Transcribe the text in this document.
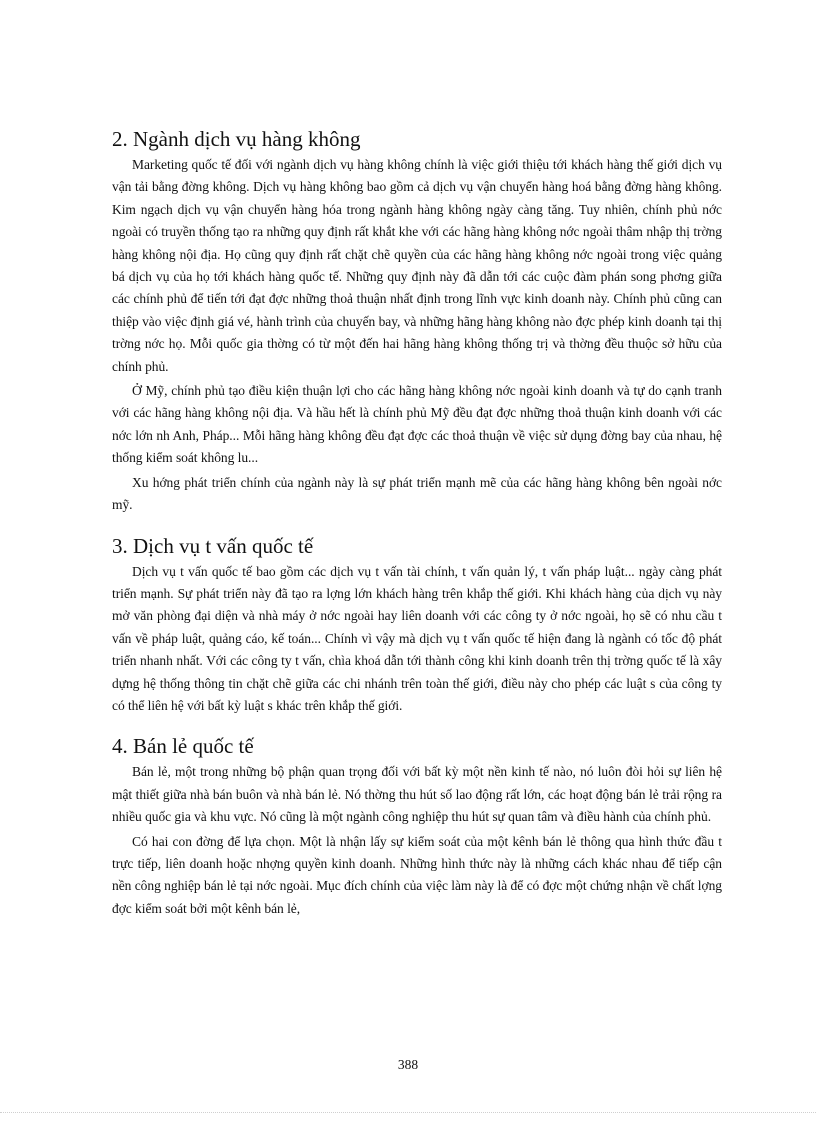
2. Ngành dịch vụ hàng không

Marketing quốc tế đối với ngành dịch vụ hàng không chính là việc giới thiệu tới khách hàng thế giới dịch vụ vận tải bằng đờng không. Dịch vụ hàng không bao gồm cả dịch vụ vận chuyển hàng hoá bằng đờng hàng không. Kim ngạch dịch vụ vận chuyển hàng hóa trong ngành hàng không ngày càng tăng. Tuy nhiên, chính phủ nớc ngoài có truyền thống tạo ra những quy định rất khắt khe với các hãng hàng không nớc ngoài thâm nhập thị trờng hàng không nội địa. Họ cũng quy định rất chặt chẽ quyền của các hãng hàng không nớc ngoài trong việc quảng bá dịch vụ của họ tới khách hàng quốc tế. Những quy định này đã dẫn tới các cuộc đàm phán song phơng giữa các chính phủ để tiến tới đạt đợc những thoả thuận nhất định trong lĩnh vực kinh doanh này. Chính phủ cũng can thiệp vào việc định giá vé, hành trình của chuyến bay, và những hãng hàng không nào đợc phép kinh doanh tại thị trờng nớc họ. Mỗi quốc gia thờng có từ một đến hai hãng hàng không thống trị và thờng đều thuộc sở hữu của chính phủ.

Ở Mỹ, chính phủ tạo điều kiện thuận lợi cho các hãng hàng không nớc ngoài kinh doanh và tự do cạnh tranh với các hãng hàng không nội địa. Và hầu hết là chính phủ Mỹ đều đạt đợc những thoả thuận kinh doanh với các nớc lớn nh Anh, Pháp... Mỗi hãng hàng không đều đạt đợc các thoả thuận về việc sử dụng đờng bay của nhau, hệ thống kiểm soát không lu...

Xu hớng phát triển chính của ngành này là sự phát triển mạnh mẽ của các hãng hàng không bên ngoài nớc mỹ.

3. Dịch vụ t vấn quốc tế

Dịch vụ t vấn quốc tế bao gồm các dịch vụ t vấn tài chính, t vấn quản lý, t vấn pháp luật... ngày càng phát triển mạnh. Sự phát triển này đã tạo ra lợng lớn khách hàng trên khắp thế giới. Khi khách hàng của dịch vụ này mở văn phòng đại diện và nhà máy ở nớc ngoài hay liên doanh với các công ty ở nớc ngoài, họ sẽ có nhu cầu t vấn về pháp luật, quảng cáo, kế toán... Chính vì vậy mà dịch vụ t vấn quốc tế hiện đang là ngành có tốc độ phát triển nhanh nhất. Với các công ty t vấn, chìa khoá dẫn tới thành công khi kinh doanh trên thị trờng quốc tế là xây dựng hệ thống thông tin chặt chẽ giữa các chi nhánh trên toàn thế giới, điều này cho phép các luật s của công ty có thể liên hệ với bất kỳ luật s khác trên khắp thế giới.

4. Bán lẻ quốc tế

Bán lẻ, một trong những bộ phận quan trọng đối với bất kỳ một nền kinh tế nào, nó luôn đòi hỏi sự liên hệ mật thiết giữa nhà bán buôn và nhà bán lẻ. Nó thờng thu hút số lao động rất lớn, các hoạt động bán lẻ trải rộng ra nhiều quốc gia và khu vực. Nó cũng là một ngành công nghiệp thu hút sự quan tâm và điều hành của chính phủ.

Có hai con đờng để lựa chọn. Một là nhận lấy sự kiểm soát của một kênh bán lẻ thông qua hình thức đầu t trực tiếp, liên doanh hoặc nhợng quyền kinh doanh. Những hình thức này là những cách khác nhau để tiếp cận nền công nghiệp bán lẻ tại nớc ngoài. Mục đích chính của việc làm này là để có đợc một chứng nhận về chất lợng đợc kiểm soát bởi một kênh bán lẻ,

388
